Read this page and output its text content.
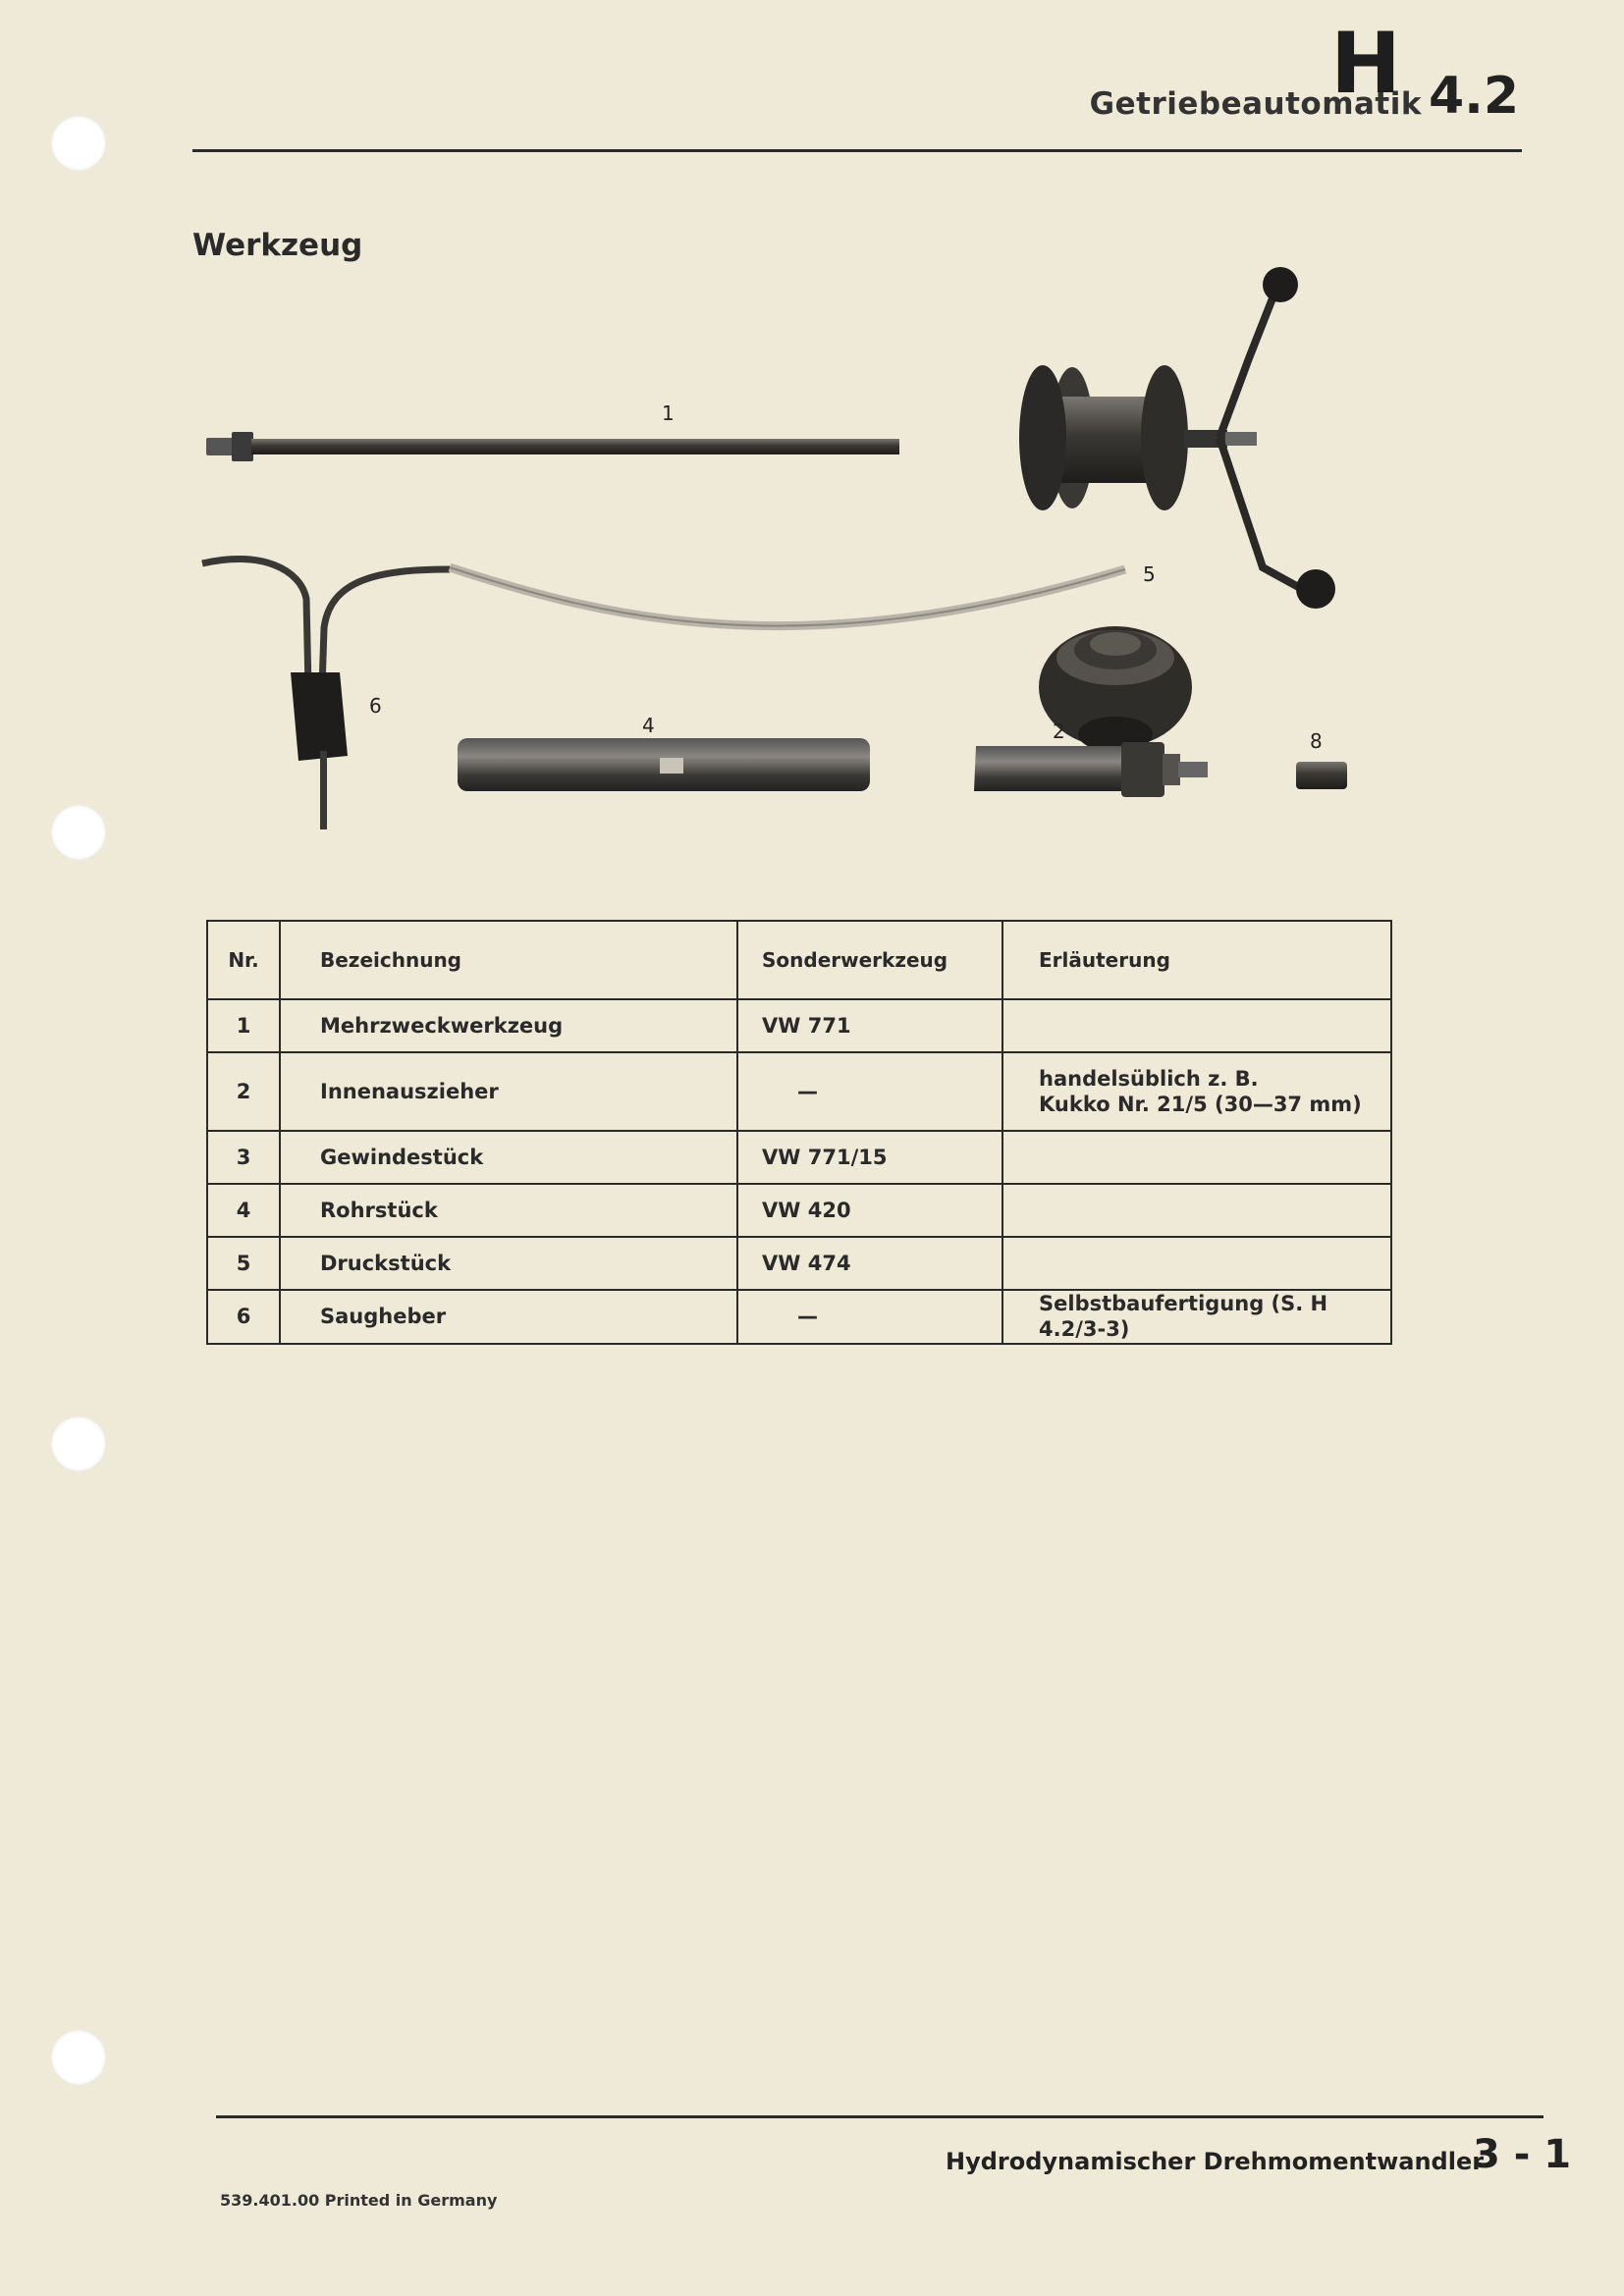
Getriebeautomatik
H 4.2
Werkzeug
1
2
4
5
6
8
Nr.	Bezeichnung	Sonderwerkzeug	Erläuterung
1	Mehrzweckwerkzeug	VW 771	
2	Innenauszieher	—	handelsüblich z. B.
Kukko Nr. 21/5 (30—37 mm)

3	Gewindestück	VW 771/15	
4	Rohrstück	VW 420	
5	Druckstück	VW 474	
6	Saugheber	—	Selbstbaufertigung (S. H 4.2/3-3)
Hydrodynamischer Drehmomentwandler
3 - 1
539.401.00 Printed in Germany
